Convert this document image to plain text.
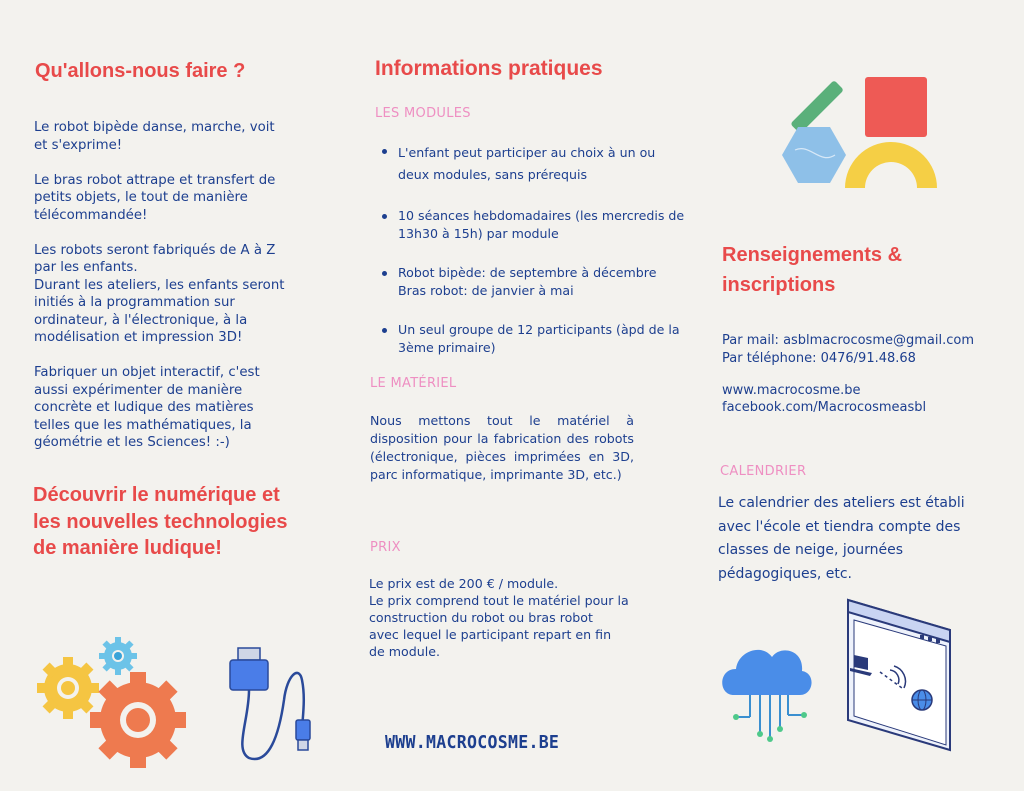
Qu'allons-nous faire ?

Le robot bipède danse, marche, voit
et s'exprime!

Le bras robot attrape et transfert de
petits objets, le tout de manière
télécommandée!

Les robots seront fabriqués de A à Z
par les enfants.
Durant les ateliers, les enfants seront
initiés à la programmation sur
ordinateur, à l'électronique, à la
modélisation et impression 3D!

Fabriquer un objet interactif, c'est
aussi expérimenter de manière
concrète et ludique des matières
telles que les mathématiques, la
géométrie et les Sciences! :-)

Découvrir le numérique et les nouvelles technologies de manière ludique!
Informations pratiques

LES MODULES

L'enfant peut participer au choix à un ou
deux modules, sans prérequis
10 séances hebdomadaires (les mercredis de
13h30 à 15h) par module
Robot bipède: de septembre à décembre
Bras robot: de janvier à mai
Un seul groupe de 12 participants (àpd de la
3ème primaire)

LE MATÉRIEL

Nous mettons tout le matériel à disposition pour la fabrication des robots (électronique, pièces imprimées en 3D, parc informatique, imprimante 3D, etc.)

PRIX

Le prix est de 200 € / module.
Le prix comprend tout le matériel pour la
construction du robot ou bras robot
avec lequel le participant repart en fin
de module.

WWW.MACROCOSME.BE

Renseignements & inscriptions
Par mail: asblmacrocosme@gmail.com
Par téléphone: 0476/91.48.68
www.macrocosme.be
facebook.com/Macrocosmeasbl

CALENDRIER

Le calendrier des ateliers est établi avec l'école et tiendra compte des classes de neige, journées pédagogiques, etc.
